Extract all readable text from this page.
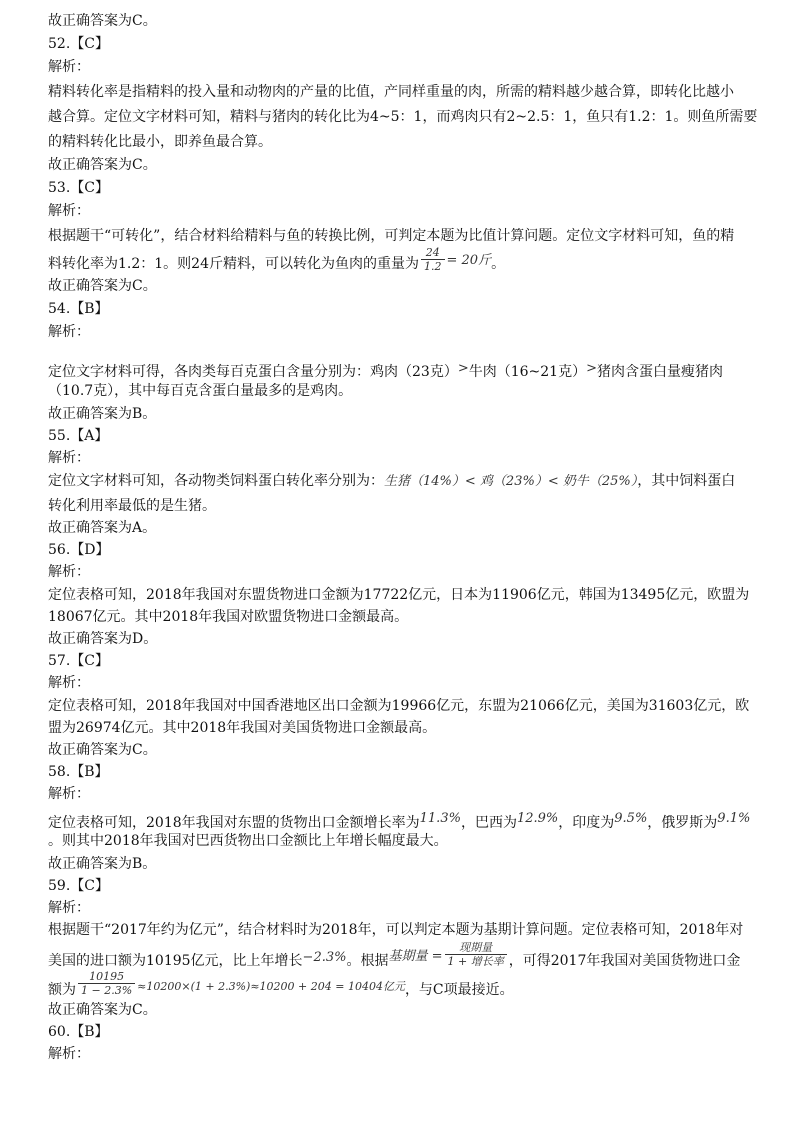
故正确答案为C。
52.【C】
解析：
精料转化率是指精料的投入量和动物肉的产量的比值，产同样重量的肉，所需的精料越少越合算，即转化比越小
越合算。定位文字材料可知，精料与猪肉的转化比为4~5：1，而鸡肉只有2~2.5：1，鱼只有1.2：1。则鱼所需要
的精料转化比最小，即养鱼最合算。
故正确答案为C。
53.【C】
解析：
根据题干“可转化”，结合材料给精料与鱼的转换比例，可判定本题为比值计算问题。定位文字材料可知，鱼的精
料转化率为1.2：1。则24斤精料，可以转化为鱼肉的重量为 $\frac{24}{1.2} = 20$斤。
故正确答案为C。
54.【B】
解析：
定位文字材料可得，各肉类每百克蛋白含量分别为：鸡肉（23克）>牛肉（16~21克）>猪肉含蛋白量瘦猪肉
（10.7克），其中每百克含蛋白量最多的是鸡肉。
故正确答案为B。
55.【A】
解析：
定位文字材料可知，各动物类饲料蛋白转化率分别为：生猪（14%）< 鸡（23%）< 奶牛（25%），其中饲料蛋白
转化利用率最低的是生猪。
故正确答案为A。
56.【D】
解析：
定位表格可知，2018年我国对东盟货物进口金额为17722亿元，日本为11906亿元，韩国为13495亿元，欧盟为
18067亿元。其中2018年我国对欧盟货物进口金额最高。
故正确答案为D。
57.【C】
解析：
定位表格可知，2018年我国对中国香港地区出口金额为19966亿元，东盟为21066亿元，美国为31603亿元，欧
盟为26974亿元。其中2018年我国对美国货物进口金额最高。
故正确答案为C。
58.【B】
解析：
定位表格可知，2018年我国对东盟的货物出口金额增长率为11.3%，巴西为12.9%，印度为9.5%，俄罗斯为9.1%
。则其中2018年我国对巴西货物出口金额比上年增长幅度最大。
故正确答案为B。
59.【C】
解析：
根据题干“2017年约为亿元”，结合材料时为2018年，可以判定本题为基期计算问题。定位表格可知，2018年对
美国的进口额为10195亿元，比上年增长−2.3%。根据基期量 = $\frac{\text{现期量}}{\text{1 + 增长率}}$ ，可得2017年我国对美国货物进口金
额为 $\frac{10195}{1 - 2.3\%} ^{\approx 10200\times(1 + 2.3\%)\approx 10200 + 204 = 10404亿元}$，与C项最接近。
故正确答案为C。
60.【B】
解析：
